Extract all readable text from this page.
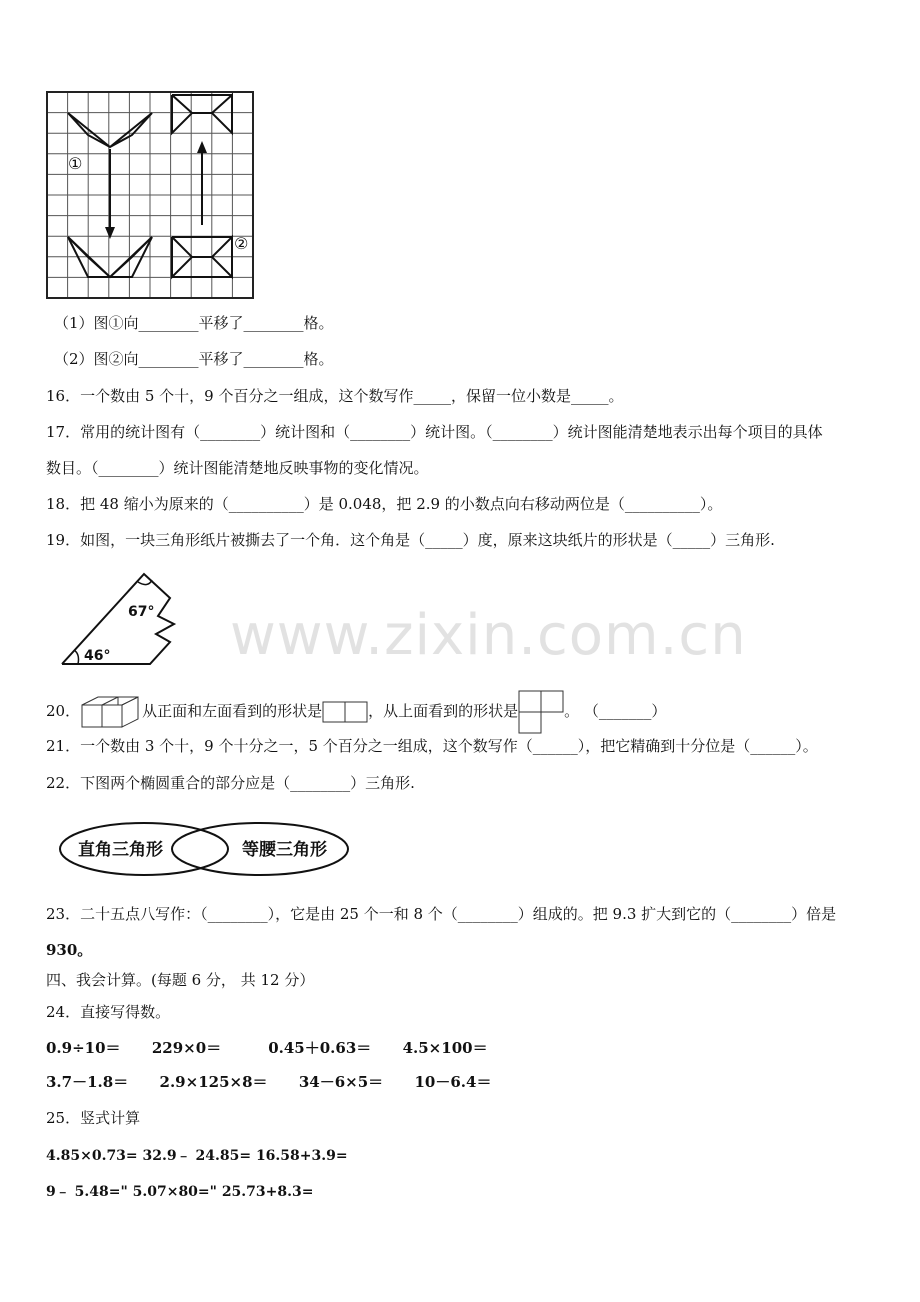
www.zixin.com.cn
①
②
（1）图①向________平移了________格。
（2）图②向________平移了________格。
16．一个数由 5 个十，9 个百分之一组成，这个数写作_____，保留一位小数是_____。
17．常用的统计图有（________）统计图和（________）统计图。（________）统计图能清楚地表示出每个项目的具体
数目。（________）统计图能清楚地反映事物的变化情况。
18．把 48 缩小为原来的（__________）是 0.048，把 2.9 的小数点向右移动两位是（__________）。
19．如图，一块三角形纸片被撕去了一个角．这个角是（_____）度，原来这块纸片的形状是（_____）三角形.
67°
46°
20．	从正面和左面看到的形状是	，从上面看到的形状是	。 （_______）
21．一个数由 3 个十，9 个十分之一，5 个百分之一组成，这个数写作（______），把它精确到十分位是（______）。
22．下图两个椭圆重合的部分应是（________）三角形.
直角三角形	等腰三角形
23．二十五点八写作：（________），它是由 25 个一和 8 个（________）组成的。把 9.3 扩大到它的（________）倍是
930。
四、我会计算。(每题 6 分， 共 12 分）
24．直接写得数。
0.9÷10＝      229×0＝         0.45＋0.63＝      4.5×100＝
3.7－1.8＝      2.9×125×8＝      34－6×5＝      10－6.4＝
25．竖式计算
4.85×0.73= 32.9﹣ 24.85= 16.58+3.9=
9﹣ 5.48=" 5.07×80=" 25.73+8.3=
